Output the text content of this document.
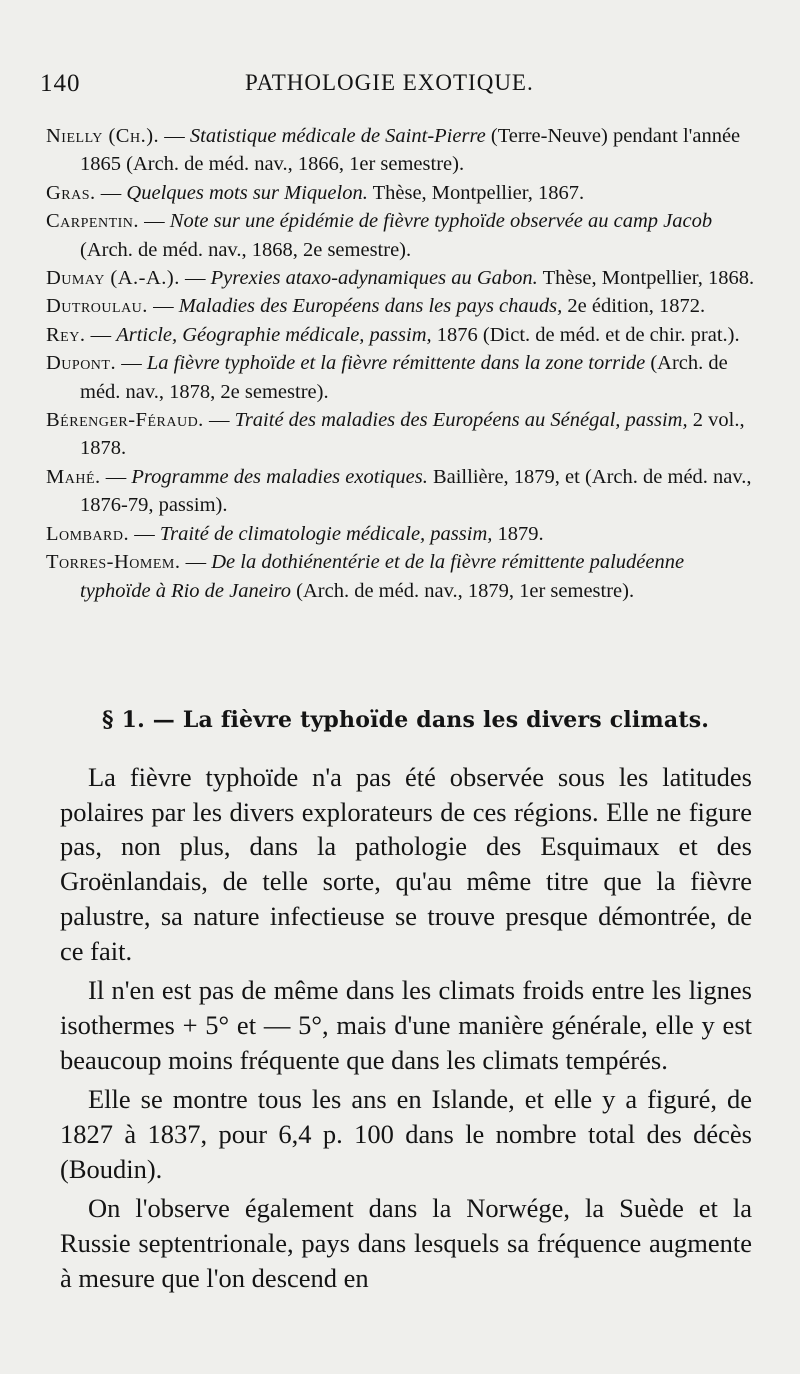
140	PATHOLOGIE EXOTIQUE.

Nielly (Ch.). — Statistique médicale de Saint-Pierre (Terre-Neuve) pendant l'année 1865 (Arch. de méd. nav., 1866, 1er semestre).

Gras. — Quelques mots sur Miquelon. Thèse, Montpellier, 1867.

Carpentin. — Note sur une épidémie de fièvre typhoïde observée au camp Jacob (Arch. de méd. nav., 1868, 2e semestre).

Dumay (A.-A.). — Pyrexies ataxo-adynamiques au Gabon. Thèse, Montpellier, 1868.

Dutroulau. — Maladies des Européens dans les pays chauds, 2e édition, 1872.

Rey. — Article, Géographie médicale, passim, 1876 (Dict. de méd. et de chir. prat.).

Dupont. — La fièvre typhoïde et la fièvre rémittente dans la zone torride (Arch. de méd. nav., 1878, 2e semestre).

Bérenger-Féraud. — Traité des maladies des Européens au Sénégal, passim, 2 vol., 1878.

Mahé. — Programme des maladies exotiques. Baillière, 1879, et (Arch. de méd. nav., 1876-79, passim).

Lombard. — Traité de climatologie médicale, passim, 1879.

Torres-Homem. — De la dothiénentérie et de la fièvre rémittente paludéenne typhoïde à Rio de Janeiro (Arch. de méd. nav., 1879, 1er semestre).

§ 1. — La fièvre typhoïde dans les divers climats.

La fièvre typhoïde n'a pas été observée sous les latitudes polaires par les divers explorateurs de ces régions. Elle ne figure pas, non plus, dans la pathologie des Esquimaux et des Groënlandais, de telle sorte, qu'au même titre que la fièvre palustre, sa nature infectieuse se trouve presque démontrée, de ce fait.

Il n'en est pas de même dans les climats froids entre les lignes isothermes + 5° et — 5°, mais d'une manière générale, elle y est beaucoup moins fréquente que dans les climats tempérés.

Elle se montre tous les ans en Islande, et elle y a figuré, de 1827 à 1837, pour 6,4 p. 100 dans le nombre total des décès (Boudin).

On l'observe également dans la Norwége, la Suède et la Russie septentrionale, pays dans lesquels sa fréquence augmente à mesure que l'on descend en
